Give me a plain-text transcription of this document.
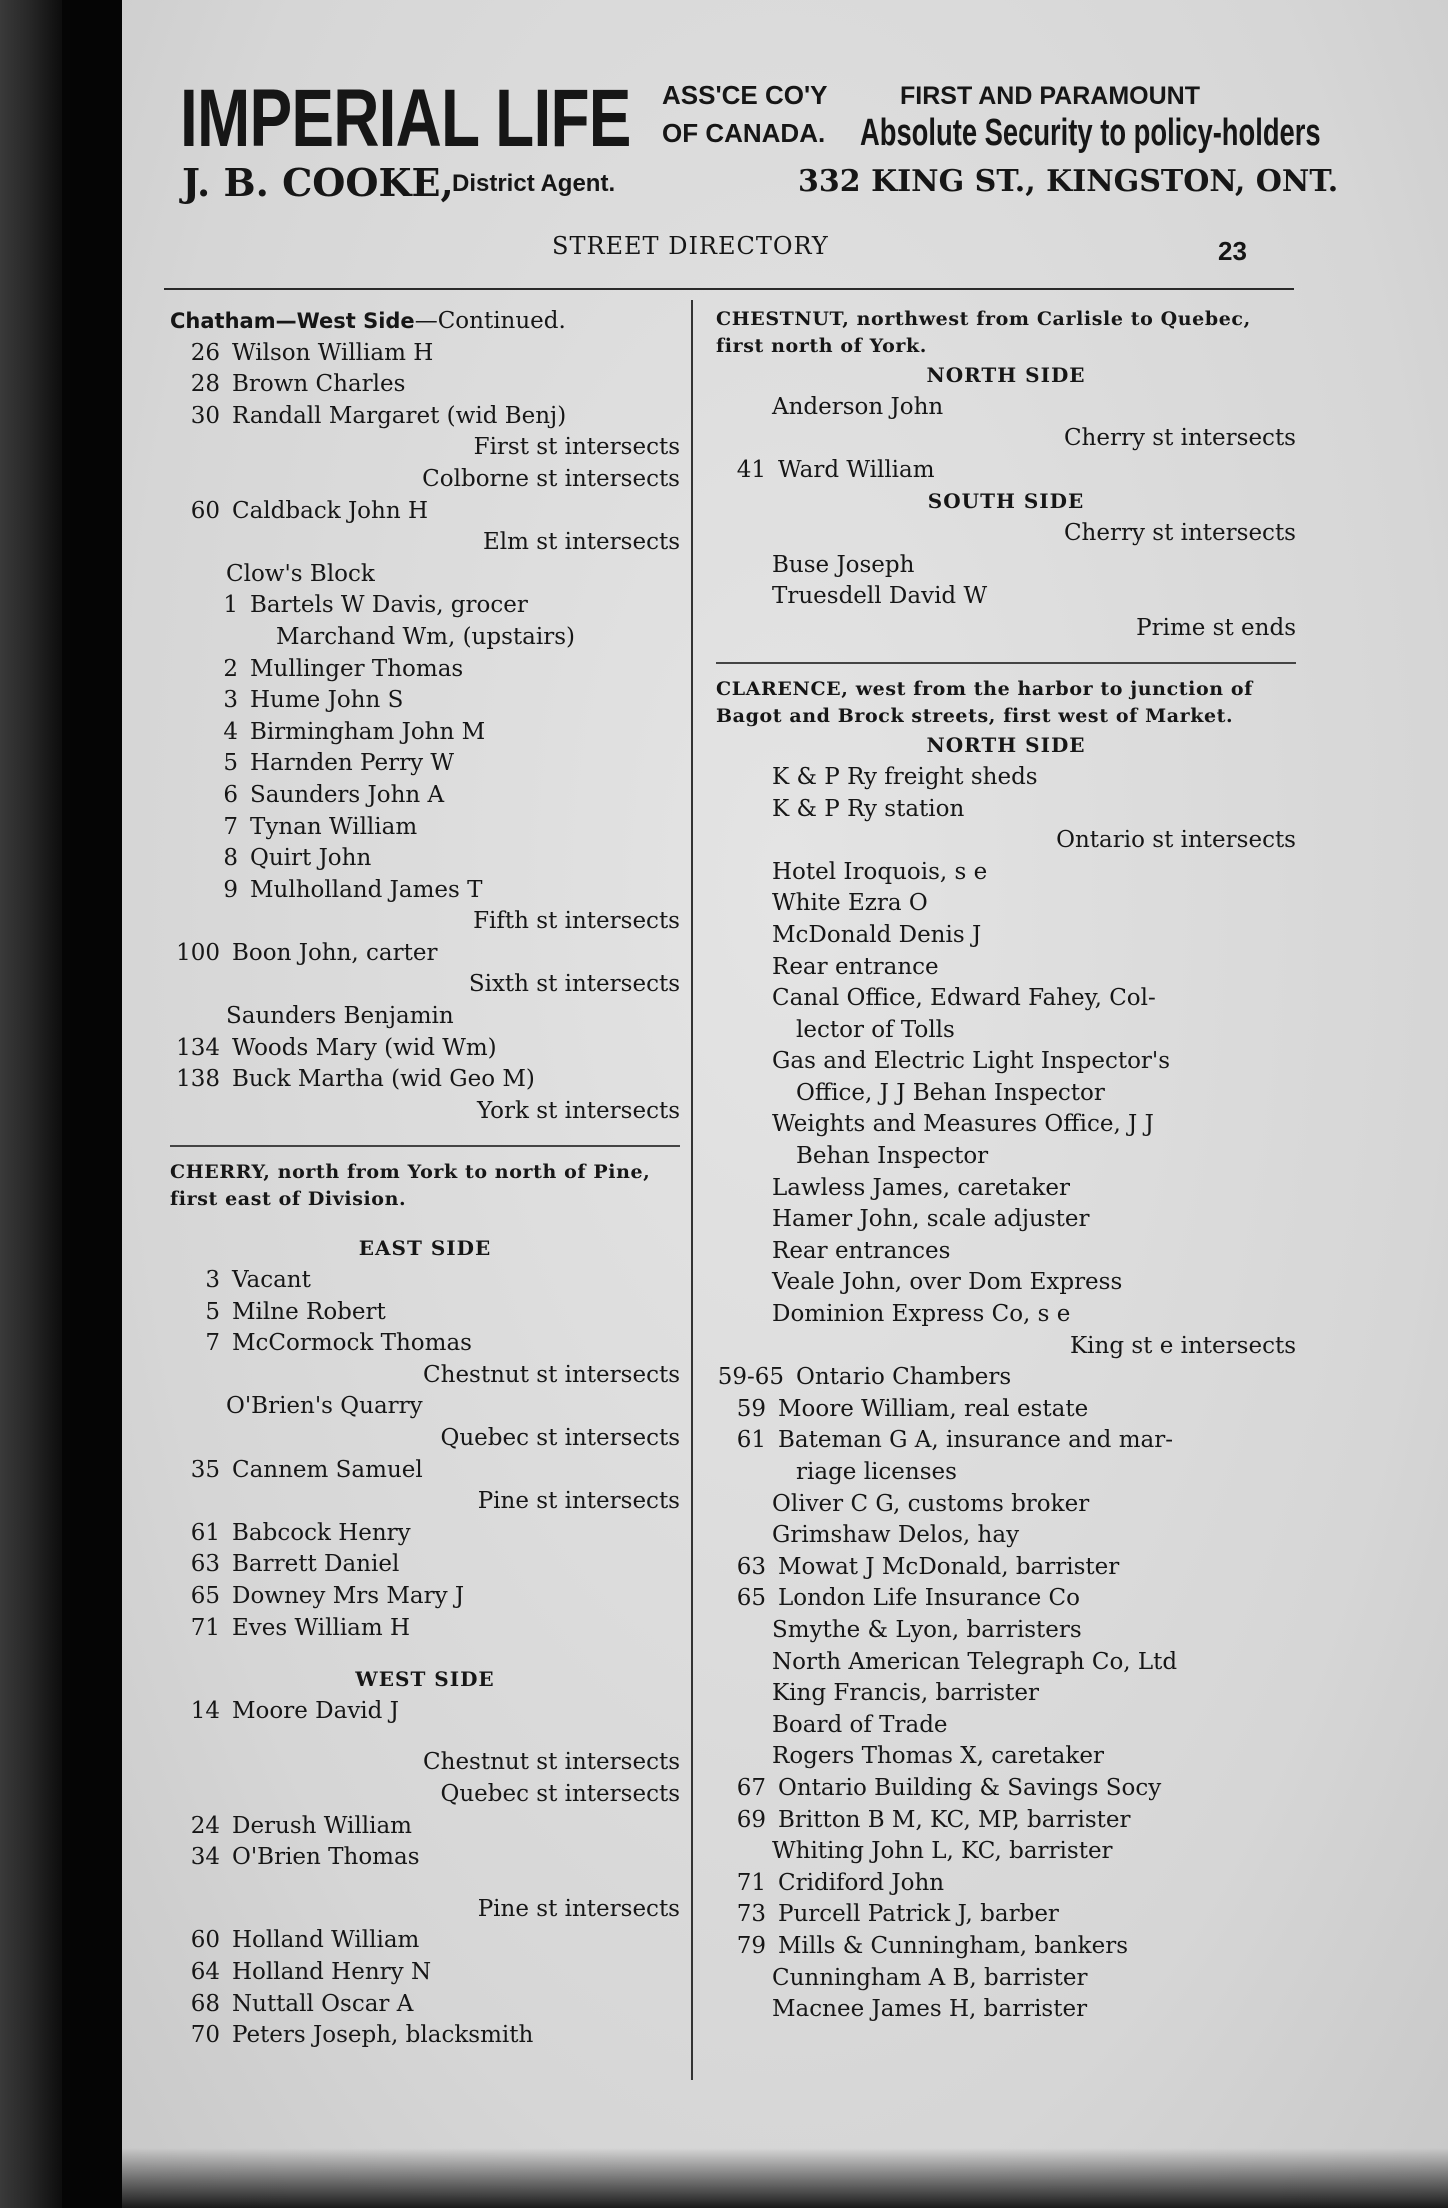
IMPERIAL LIFE ASS'CE CO'Y	FIRST AND PARAMOUNT
OF CANADA. Absolute Security to policy-holders
J. B. COOKE,
District Agent.	332 KING ST., KINGSTON, ONT.
STREET DIRECTORY	23
Chatham—West Side—Continued.
26 Wilson William H
28 Brown Charles
30 Randall Margaret (wid Benj)
First st intersects
Colborne st intersects
60 Caldback John H
Elm st intersects
Clow's Block
1 Bartels W Davis, grocer
Marchand Wm, (upstairs)
2 Mullinger Thomas
3 Hume John S
4 Birmingham John M
5 Harnden Perry W
6 Saunders John A
7 Tynan William
8 Quirt John
9 Mulholland James T
Fifth st intersects
100 Boon John, carter
Sixth st intersects
Saunders Benjamin
134 Woods Mary (wid Wm)
138 Buck Martha (wid Geo M)
York st intersects
CHERRY, north from York to north of Pine, first east of Division.
EAST SIDE
3 Vacant
5 Milne Robert
7 McCormock Thomas
Chestnut st intersects
O'Brien's Quarry
Quebec st intersects
35 Cannem Samuel
Pine st intersects
61 Babcock Henry
63 Barrett Daniel
65 Downey Mrs Mary J
71 Eves William H
WEST SIDE
14 Moore David J
Chestnut st intersects
Quebec st intersects
24 Derush William
34 O'Brien Thomas
Pine st intersects
60 Holland William
64 Holland Henry N
68 Nuttall Oscar A
70 Peters Joseph, blacksmith
CHESTNUT, northwest from Carlisle to Quebec, first north of York.
NORTH SIDE
Anderson John
Cherry st intersects
41 Ward William
SOUTH SIDE
Cherry st intersects
Buse Joseph
Truesdell David W
Prime st ends
CLARENCE, west from the harbor to junction of Bagot and Brock streets, first west of Market.
NORTH SIDE
K & P Ry freight sheds
K & P Ry station
Ontario st intersects
Hotel Iroquois, s e
White Ezra O
McDonald Denis J
Rear entrance
Canal Office, Edward Fahey, Col-
lector of Tolls
Gas and Electric Light Inspector's
Office, J J Behan Inspector
Weights and Measures Office, J J
Behan Inspector
Lawless James, caretaker
Hamer John, scale adjuster
Rear entrances
Veale John, over Dom Express
Dominion Express Co, s e
King st e intersects
59-65 Ontario Chambers
59 Moore William, real estate
61 Bateman G A, insurance and mar-
riage licenses
Oliver C G, customs broker
Grimshaw Delos, hay
63 Mowat J McDonald, barrister
65 London Life Insurance Co
Smythe & Lyon, barristers
North American Telegraph Co, Ltd
King Francis, barrister
Board of Trade
Rogers Thomas X, caretaker
67 Ontario Building & Savings Socy
69 Britton B M, KC, MP, barrister
Whiting John L, KC, barrister
71 Cridiford John
73 Purcell Patrick J, barber
79 Mills & Cunningham, bankers
Cunningham A B, barrister
Macnee James H, barrister
